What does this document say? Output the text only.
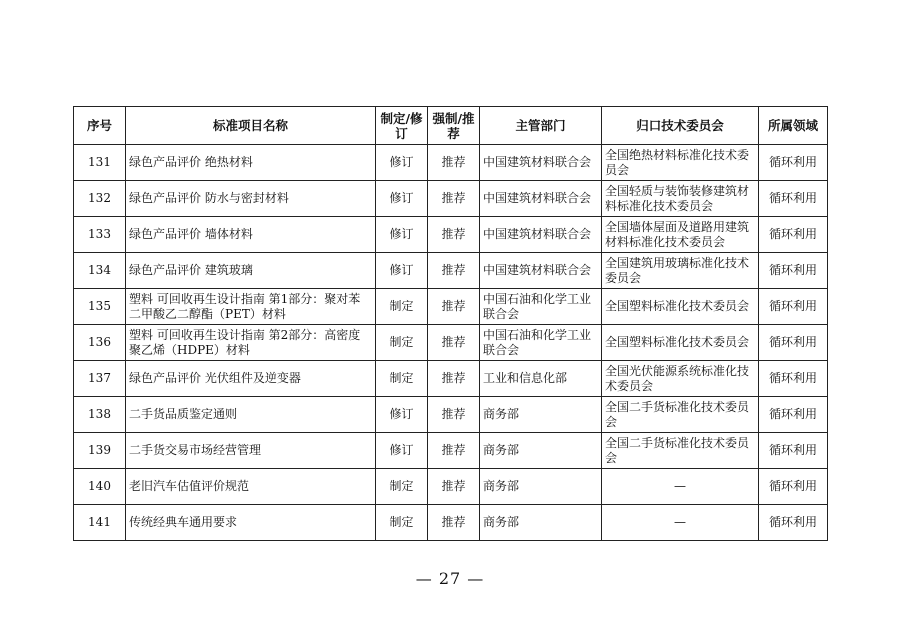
序号	标准项目名称	制定/修订	强制/推荐	主管部门	归口技术委员会	所属领域
131	绿色产品评价 绝热材料	修订	推荐	中国建筑材料联合会	全国绝热材料标准化技术委员会	循环利用
132	绿色产品评价 防水与密封材料	修订	推荐	中国建筑材料联合会	全国轻质与装饰装修建筑材料标准化技术委员会	循环利用
133	绿色产品评价 墙体材料	修订	推荐	中国建筑材料联合会	全国墙体屋面及道路用建筑材料标准化技术委员会	循环利用
134	绿色产品评价 建筑玻璃	修订	推荐	中国建筑材料联合会	全国建筑用玻璃标准化技术委员会	循环利用
135	塑料 可回收再生设计指南 第1部分：聚对苯二甲酸乙二醇酯（PET）材料	制定	推荐	中国石油和化学工业联合会	全国塑料标准化技术委员会	循环利用
136	塑料 可回收再生设计指南 第2部分：高密度聚乙烯（HDPE）材料	制定	推荐	中国石油和化学工业联合会	全国塑料标准化技术委员会	循环利用
137	绿色产品评价 光伏组件及逆变器	制定	推荐	工业和信息化部	全国光伏能源系统标准化技术委员会	循环利用
138	二手货品质鉴定通则	修订	推荐	商务部	全国二手货标准化技术委员会	循环利用
139	二手货交易市场经营管理	修订	推荐	商务部	全国二手货标准化技术委员会	循环利用
140	老旧汽车估值评价规范	制定	推荐	商务部	—	循环利用
141	传统经典车通用要求	制定	推荐	商务部	—	循环利用
— 27 —
